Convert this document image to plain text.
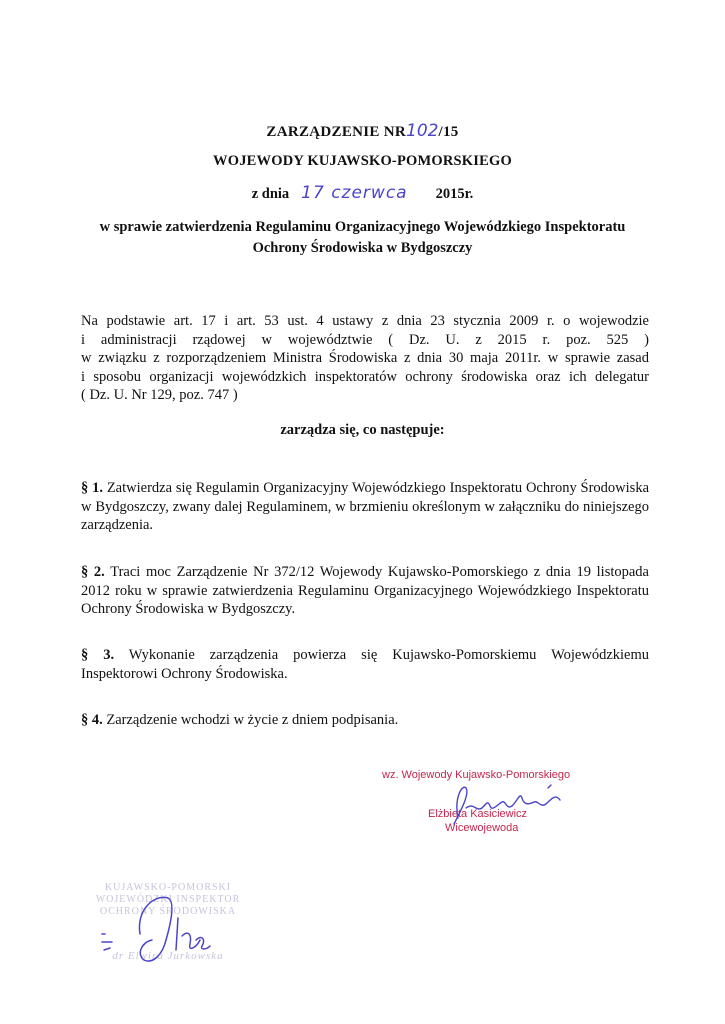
ZARZĄDZENIE NR102/15
WOJEWODY KUJAWSKO-POMORSKIEGO
z dnia 17 czerwca 2015r.
w sprawie zatwierdzenia Regulaminu Organizacyjnego Wojewódzkiego Inspektoratu
Ochrony Środowiska w Bydgoszczy
Na podstawie art. 17 i art. 53 ust. 4 ustawy z dnia 23 stycznia 2009 r. o wojewodzie
i administracji rządowej w województwie ( Dz. U. z 2015 r. poz. 525 )
w związku z rozporządzeniem Ministra Środowiska z dnia 30 maja 2011r. w sprawie zasad
i sposobu organizacji wojewódzkich inspektoratów ochrony środowiska oraz ich delegatur
( Dz. U. Nr 129, poz. 747 )
zarządza się, co następuje:
§ 1. Zatwierdza się Regulamin Organizacyjny Wojewódzkiego Inspektoratu Ochrony Środowiska w Bydgoszczy, zwany dalej Regulaminem, w brzmieniu określonym w załączniku do niniejszego zarządzenia.
§ 2. Traci moc Zarządzenie Nr 372/12 Wojewody Kujawsko-Pomorskiego z dnia 19 listopada 2012 roku w sprawie zatwierdzenia Regulaminu Organizacyjnego Wojewódzkiego Inspektoratu Ochrony Środowiska w Bydgoszczy.
§ 3. Wykonanie zarządzenia powierza się Kujawsko-Pomorskiemu Wojewódzkiemu Inspektorowi Ochrony Środowiska.
§ 4. Zarządzenie wchodzi w życie z dniem podpisania.
wz. Wojewody Kujawsko-Pomorskiego
Elżbieta Kasiciewicz
Wicewojewoda
KUJAWSKO-POMORSKI
WOJEWÓDZKI INSPEKTOR
OCHRONY ŚRODOWISKA
dr Elwira Jurkowska
